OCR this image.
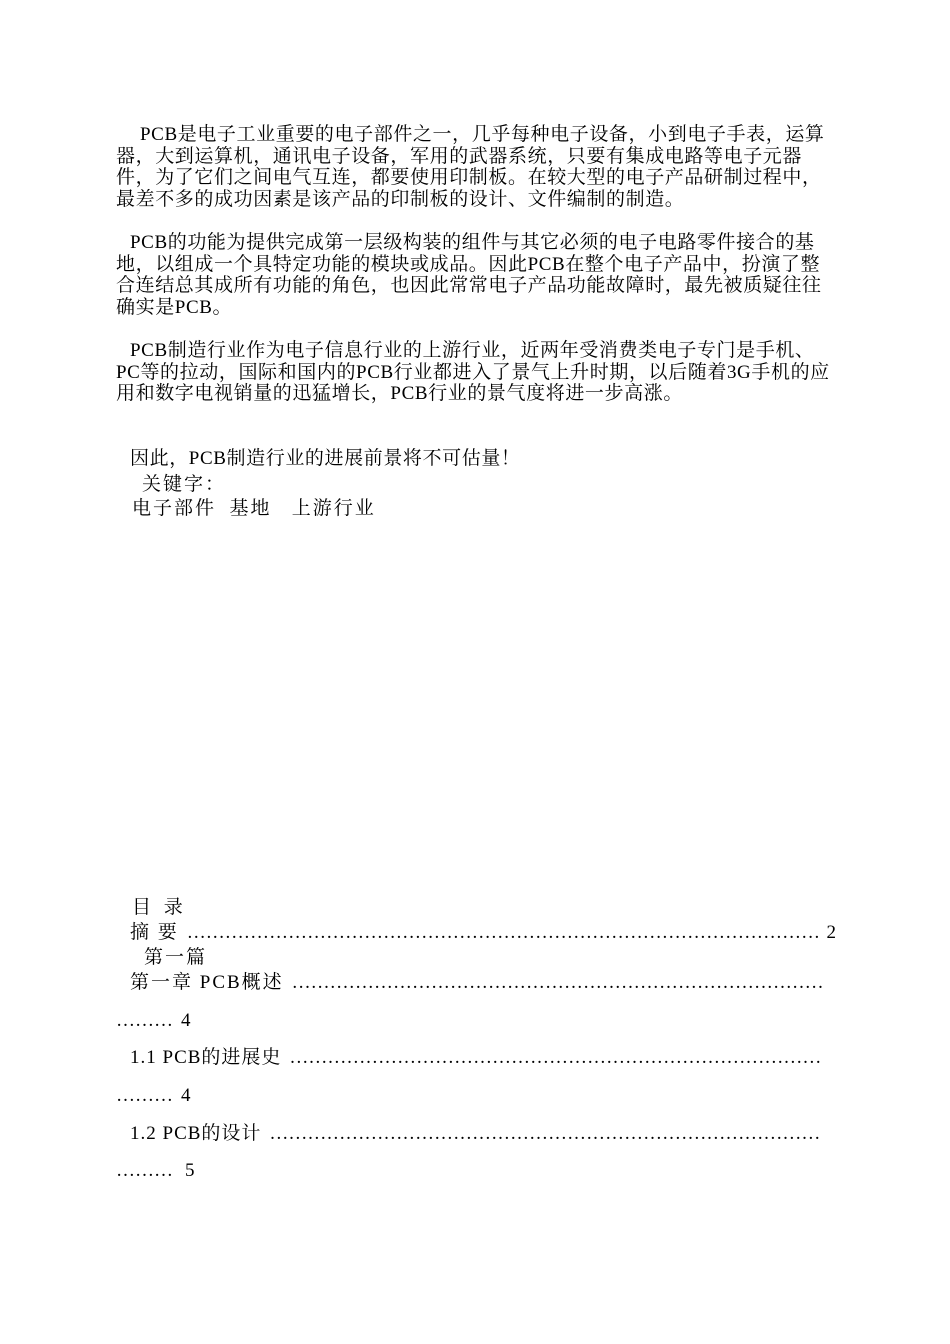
PCB是电子工业重要的电子部件之一，几乎每种电子设备，小到电子手表，运算器，大到运算机，通讯电子设备，军用的武器系统，只要有集成电路等电子元器件，为了它们之间电气互连，都要使用印制板。在较大型的电子产品研制过程中，最差不多的成功因素是该产品的印制板的设计、文件编制的制造。

PCB的功能为提供完成第一层级构装的组件与其它必须的电子电路零件接合的基地，以组成一个具特定功能的模块或成品。因此PCB在整个电子产品中，扮演了整合连结总其成所有功能的角色，也因此常常电子产品功能故障时，最先被质疑往往确实是PCB。

PCB制造行业作为电子信息行业的上游行业，近两年受消费类电子专门是手机、PC等的拉动，国际和国内的PCB行业都进入了景气上升时期，以后随着3G手机的应用和数字电视销量的迅猛增长，PCB行业的景气度将进一步高涨。

因此，PCB制造行业的进展前景将不可估量！

关键字：
电子部件  基地   上游行业
目 录
摘 要 …………………………………………………………………………………………………………………………………………	2
第一篇
第一章 PCB概述
…………………………………………………………………………………………………………………………………………
……… 4
1.1 PCB的进展史
…………………………………………………………………………………………………………………………………………
……… 4
1.2 PCB的设计
…………………………………………………………………………………………………………………………………………
……… 5
